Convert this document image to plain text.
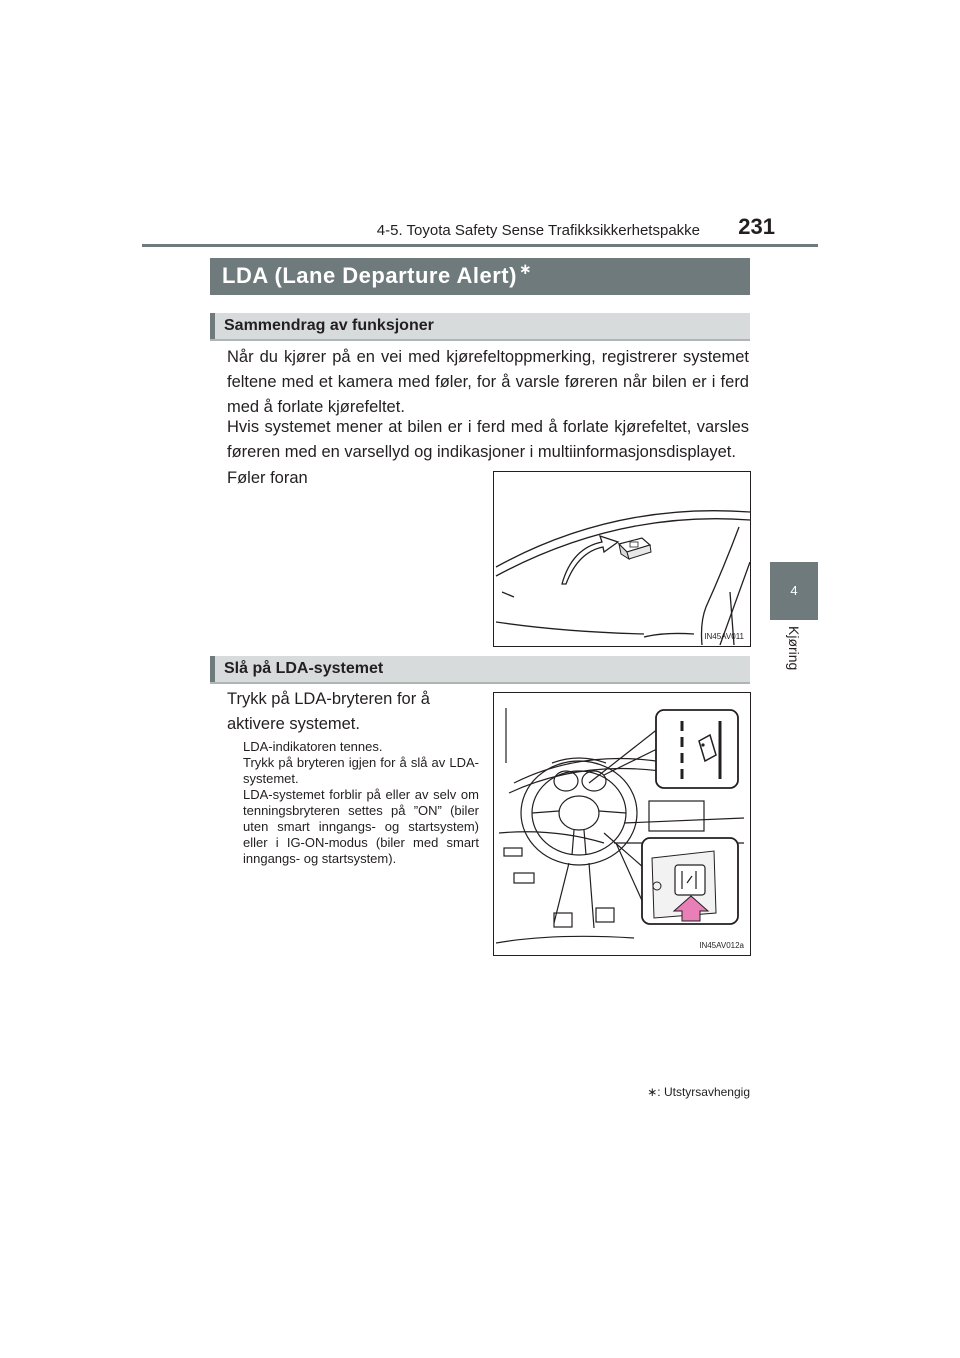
4-5. Toyota Safety Sense Trafikksikkerhetspakke	231
4
Kjøring
LDA (Lane Departure Alert) ∗
Sammendrag av funksjoner
Når du kjører på en vei med kjørefeltoppmerking, registrerer systemet feltene med et kamera med føler, for å varsle føreren når bilen er i ferd med å forlate kjørefeltet.
Hvis systemet mener at bilen er i ferd med å forlate kjørefeltet, varsles føreren med en varsellyd og indikasjoner i multiinformasjonsdisplayet.
Føler foran
IN45AV011
Slå på LDA-systemet
Trykk på LDA-bryteren for å aktivere systemet.
LDA-indikatoren tennes.
Trykk på bryteren igjen for å slå av LDA-systemet.
LDA-systemet forblir på eller av selv om tenningsbryteren settes på ”ON” (biler uten smart inngangs- og startsystem) eller i IG-ON-modus (biler med smart inngangs- og startsystem).
IN45AV012a
∗: Utstyrsavhengig
